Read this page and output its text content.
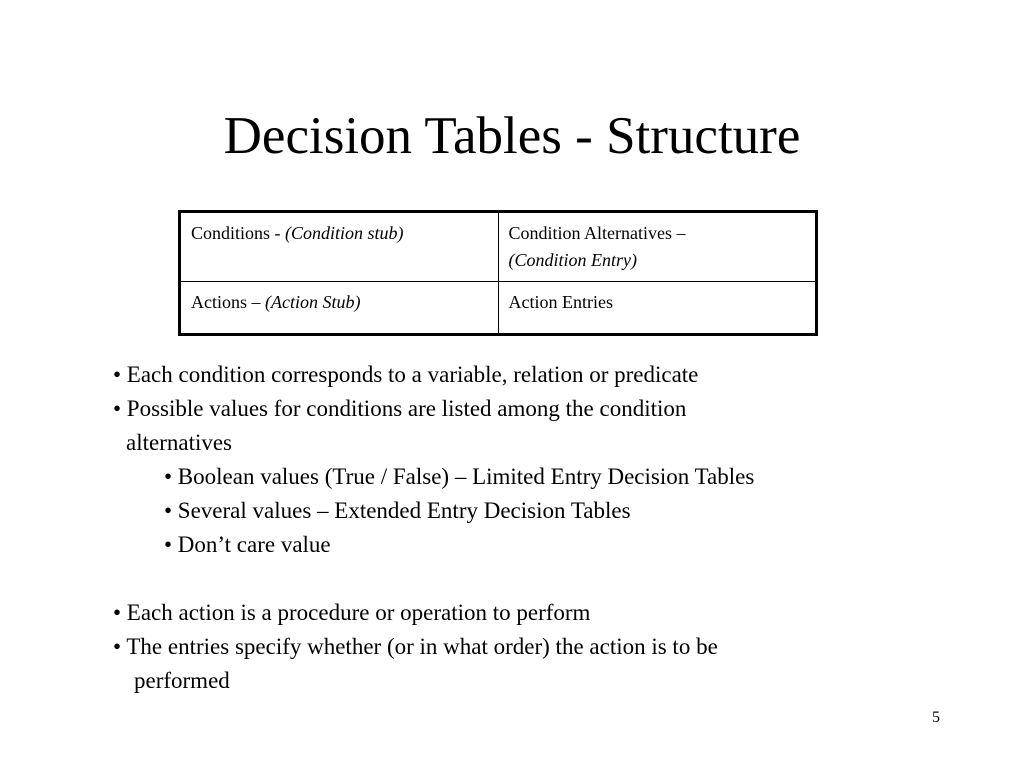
Decision Tables - Structure
Conditions - (Condition stub)	Condition Alternatives –
(Condition Entry)
Actions – (Action Stub)	Action Entries
• Each condition corresponds to a variable, relation or predicate
• Possible values for conditions are listed among the condition
alternatives
• Boolean values (True / False) – Limited Entry Decision Tables
• Several values – Extended Entry Decision Tables
• Don’t care value
• Each action is a procedure or operation to perform
• The entries specify whether (or in what order) the action is to be
performed
5
